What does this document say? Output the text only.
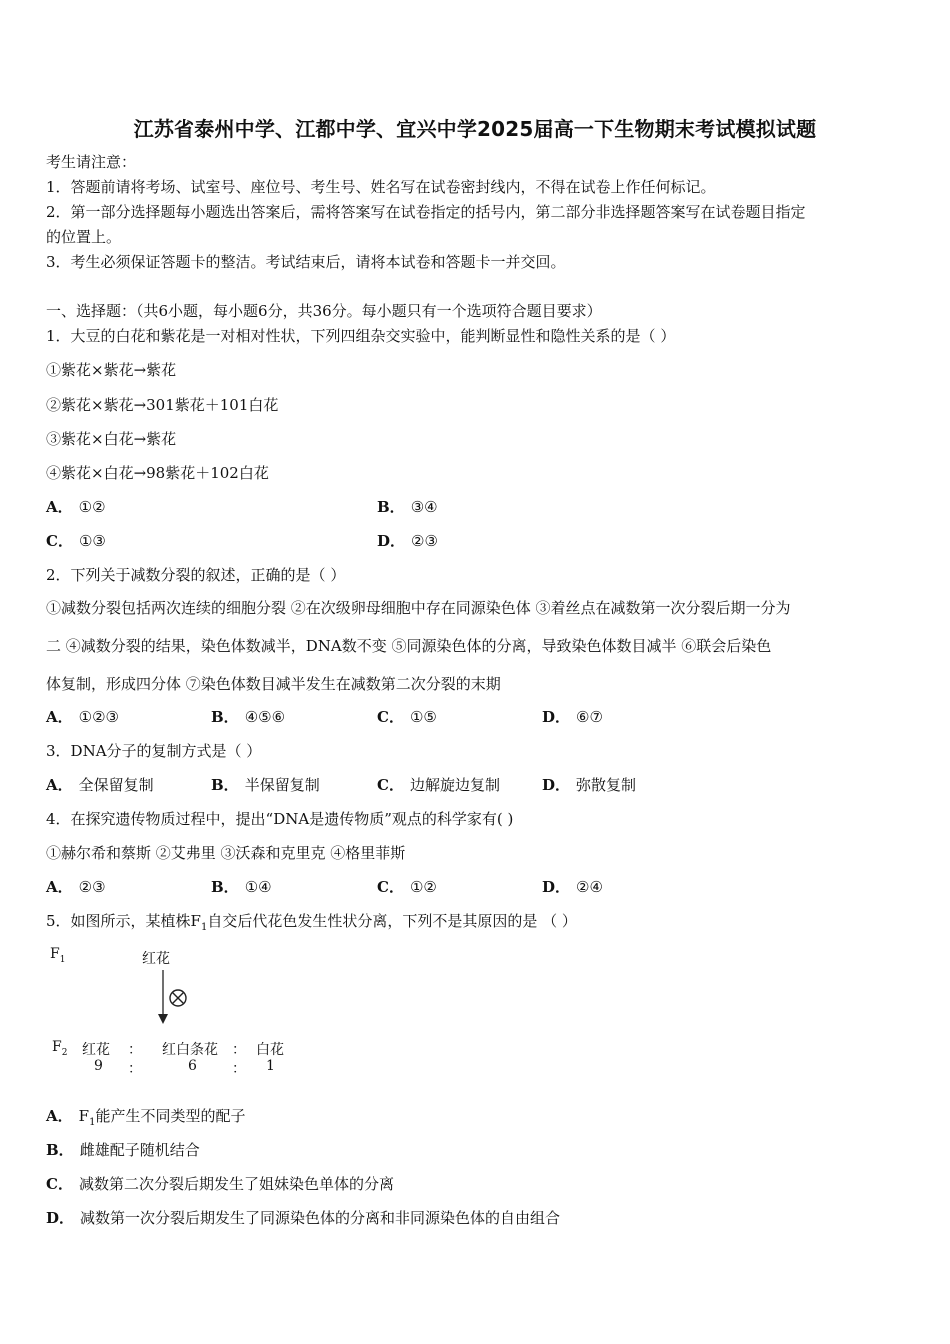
江苏省泰州中学、江都中学、宜兴中学2025届高一下生物期末考试模拟试题
考生请注意：
1．答题前请将考场、试室号、座位号、考生号、姓名写在试卷密封线内，不得在试卷上作任何标记。
2．第一部分选择题每小题选出答案后，需将答案写在试卷指定的括号内，第二部分非选择题答案写在试卷题目指定
的位置上。
3．考生必须保证答题卡的整洁。考试结束后，请将本试卷和答题卡一并交回。
一、选择题：（共6小题，每小题6分，共36分。每小题只有一个选项符合题目要求）
1．大豆的白花和紫花是一对相对性状，下列四组杂交实验中，能判断显性和隐性关系的是（ ）
①紫花×紫花→紫花
②紫花×紫花→301紫花＋101白花
③紫花×白花→紫花
④紫花×白花→98紫花＋102白花
A． ①②	B． ③④
C． ①③	D． ②③
2．下列关于减数分裂的叙述，正确的是（ ）
①减数分裂包括两次连续的细胞分裂 ②在次级卵母细胞中存在同源染色体 ③着丝点在减数第一次分裂后期一分为
二 ④减数分裂的结果，染色体数减半，DNA数不变 ⑤同源染色体的分离，导致染色体数目减半 ⑥联会后染色
体复制，形成四分体 ⑦染色体数目减半发生在减数第二次分裂的末期
A． ①②③	B． ④⑤⑥	C． ①⑤	D． ⑥⑦
3．DNA分子的复制方式是（ ）
A． 全保留复制	B． 半保留复制	C． 边解旋边复制	D． 弥散复制
4．在探究遗传物质过程中，提出“DNA是遗传物质”观点的科学家有( )
①赫尔希和蔡斯 ②艾弗里 ③沃森和克里克 ④格里菲斯
A． ②③	B． ①④	C． ①②	D． ②④
5．如图所示，某植株$F_1$自交后代花色发生性状分离，下列不是其原因的是 （ ）
$F_1$	红花
$F_2$ 红花 ： 红白条花 ： 白花
9 ：	6	： 1
A． $F_1$能产生不同类型的配子
B． 雌雄配子随机结合
C． 减数第二次分裂后期发生了姐妹染色单体的分离
D． 减数第一次分裂后期发生了同源染色体的分离和非同源染色体的自由组合
